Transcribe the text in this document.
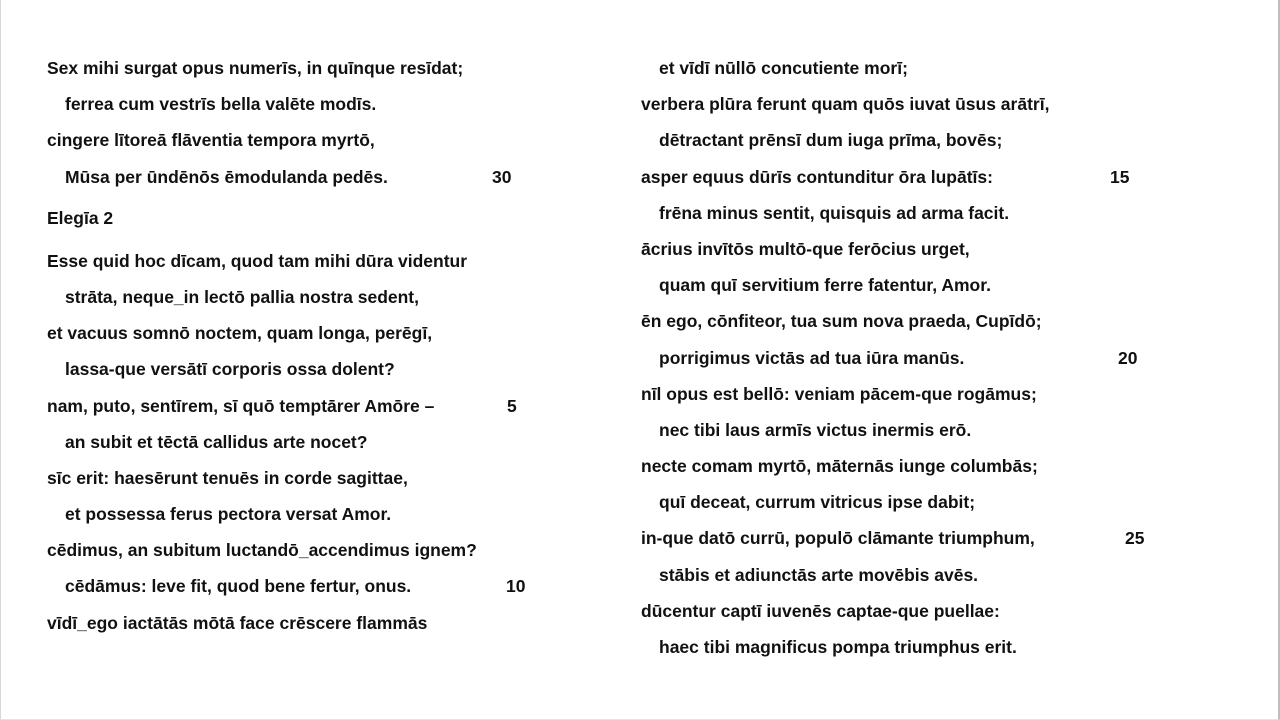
Sex mihi surgat opus numerīs, in quīnque resīdat;
ferrea cum vestrīs bella valēte modīs.
cingere lītoreā flāventia tempora myrtō,
Mūsa per ūndēnōs ēmodulanda pedēs.	30
Elegīa 2
Esse quid hoc dīcam, quod tam mihi dūra videntur
strāta, neque_in lectō pallia nostra sedent,
et vacuus somnō noctem, quam longa, perēgī,
lassa-que versātī corporis ossa dolent?
nam, puto, sentīrem, sī quō temptārer Amōre –	5
an subit et tēctā callidus arte nocet?
sīc erit: haesērunt tenuēs in corde sagittae,
et possessa ferus pectora versat Amor.
cēdimus, an subitum luctandō_accendimus ignem?
cēdāmus: leve fit, quod bene fertur, onus.	10
vīdī_ego iactātās mōtā face crēscere flammās
et vīdī nūllō concutiente morī;
verbera plūra ferunt quam quōs iuvat ūsus arātrī,
dētractant prēnsī dum iuga prīma, bovēs;
asper equus dūrīs contunditur ōra lupātīs:	15
frēna minus sentit, quisquis ad arma facit.
ācrius invītōs multō-que ferōcius urget,
quam quī servitium ferre fatentur, Amor.
ēn ego, cōnfiteor, tua sum nova praeda, Cupīdō;
porrigimus victās ad tua iūra manūs.	20
nīl opus est bellō: veniam pācem-que rogāmus;
nec tibi laus armīs victus inermis erō.
necte comam myrtō, māternās iunge columbās;
quī deceat, currum vitricus ipse dabit;
in-que datō currū, populō clāmante triumphum,	25
stābis et adiunctās arte movēbis avēs.
dūcentur captī iuvenēs captae-que puellae:
haec tibi magnificus pompa triumphus erit.
